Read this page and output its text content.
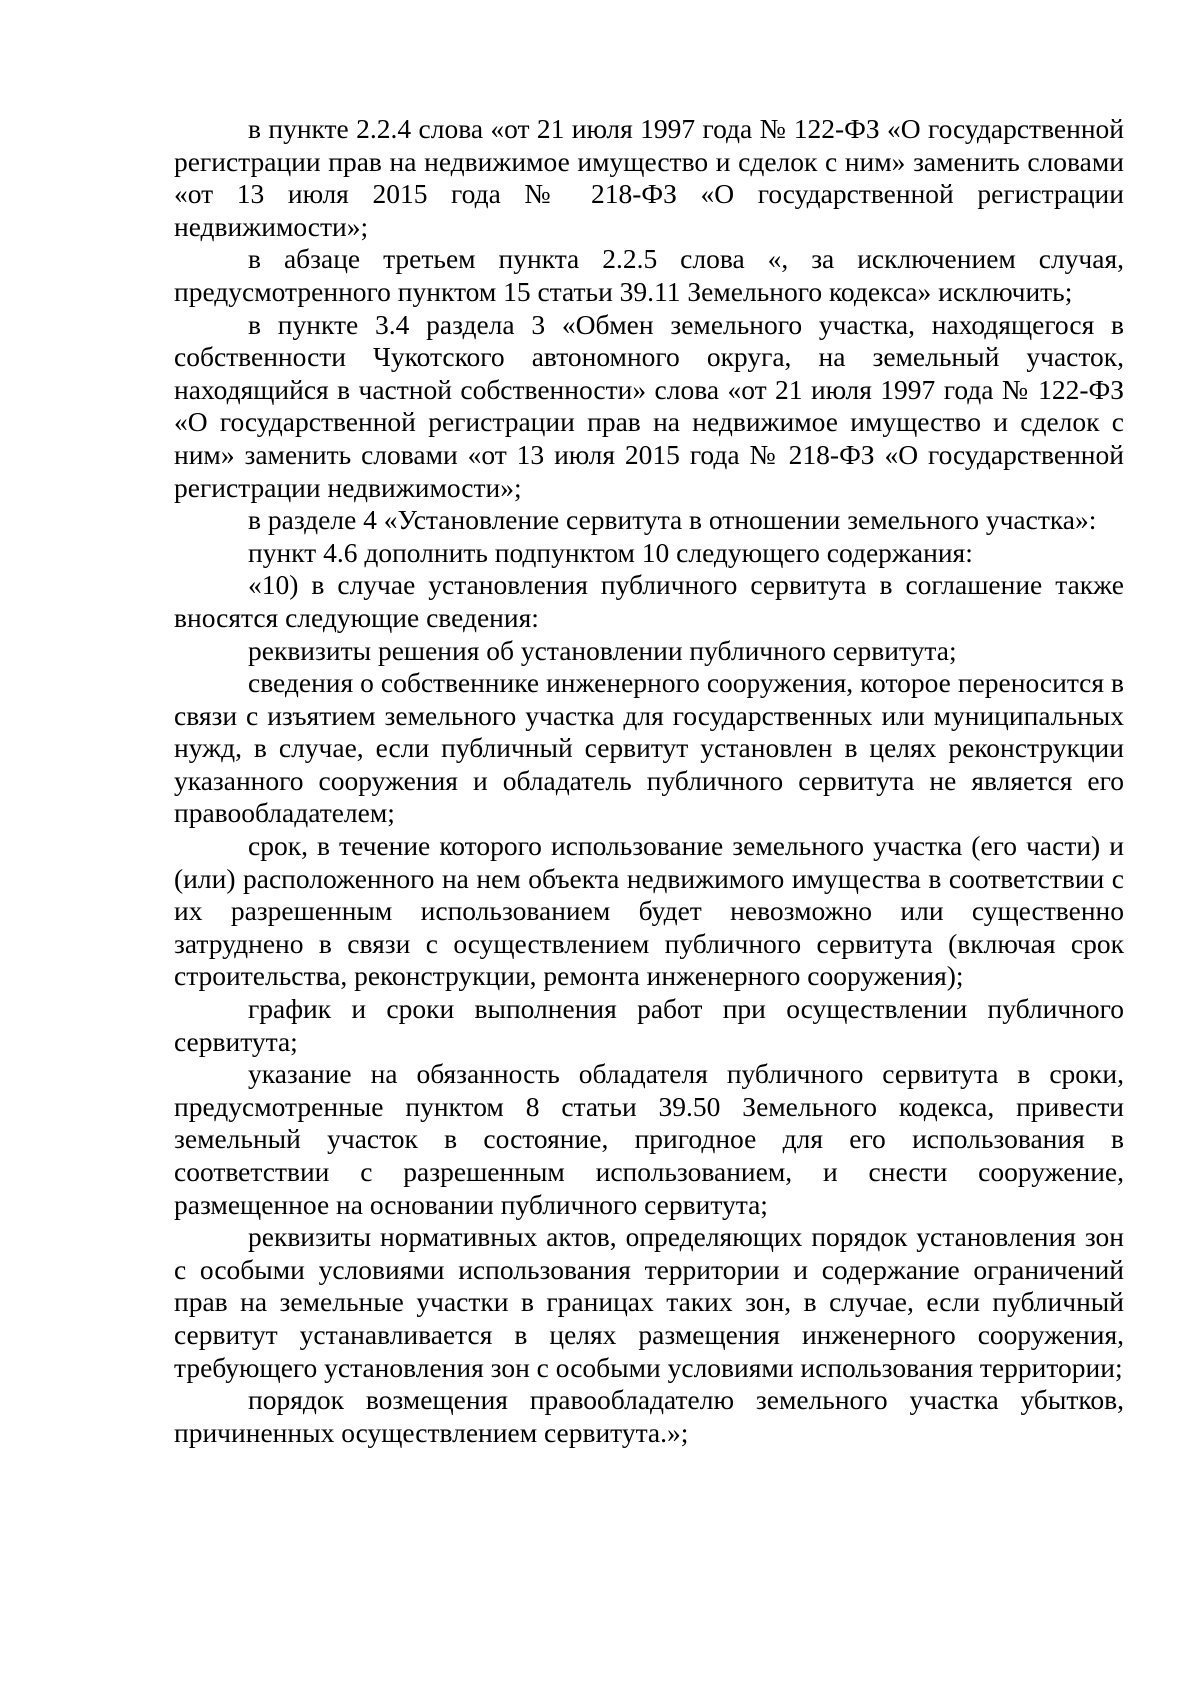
в пункте 2.2.4 слова «от 21 июля 1997 года № 122-ФЗ «О государственной регистрации прав на недвижимое имущество и сделок с ним» заменить словами «от 13 июля 2015 года № 218-ФЗ «О государственной регистрации недвижимости»;

в абзаце третьем пункта 2.2.5 слова «, за исключением случая, предусмотренного пунктом 15 статьи 39.11 Земельного кодекса» исключить;

в пункте 3.4 раздела 3 «Обмен земельного участка, находящегося в собственности Чукотского автономного округа, на земельный участок, находящийся в частной собственности» слова «от 21 июля 1997 года № 122-ФЗ «О государственной регистрации прав на недвижимое имущество и сделок с ним» заменить словами «от 13 июля 2015 года № 218-ФЗ «О государственной регистрации недвижимости»;

в разделе 4 «Установление сервитута в отношении земельного участка»:

пункт 4.6 дополнить подпунктом 10 следующего содержания:

«10) в случае установления публичного сервитута в соглашение также вносятся следующие сведения:

реквизиты решения об установлении публичного сервитута;

сведения о собственнике инженерного сооружения, которое переносится в связи с изъятием земельного участка для государственных или муниципальных нужд, в случае, если публичный сервитут установлен в целях реконструкции указанного сооружения и обладатель публичного сервитута не является его правообладателем;

срок, в течение которого использование земельного участка (его части) и (или) расположенного на нем объекта недвижимого имущества в соответствии с их разрешенным использованием будет невозможно или существенно затруднено в связи с осуществлением публичного сервитута (включая срок строительства, реконструкции, ремонта инженерного сооружения);

график и сроки выполнения работ при осуществлении публичного сервитута;

указание на обязанность обладателя публичного сервитута в сроки, предусмотренные пунктом 8 статьи 39.50 Земельного кодекса, привести земельный участок в состояние, пригодное для его использования в соответствии с разрешенным использованием, и снести сооружение, размещенное на основании публичного сервитута;

реквизиты нормативных актов, определяющих порядок установления зон с особыми условиями использования территории и содержание ограничений прав на земельные участки в границах таких зон, в случае, если публичный сервитут устанавливается в целях размещения инженерного сооружения, требующего установления зон с особыми условиями использования территории;

порядок возмещения правообладателю земельного участка убытков, причиненных осуществлением сервитута.»;
